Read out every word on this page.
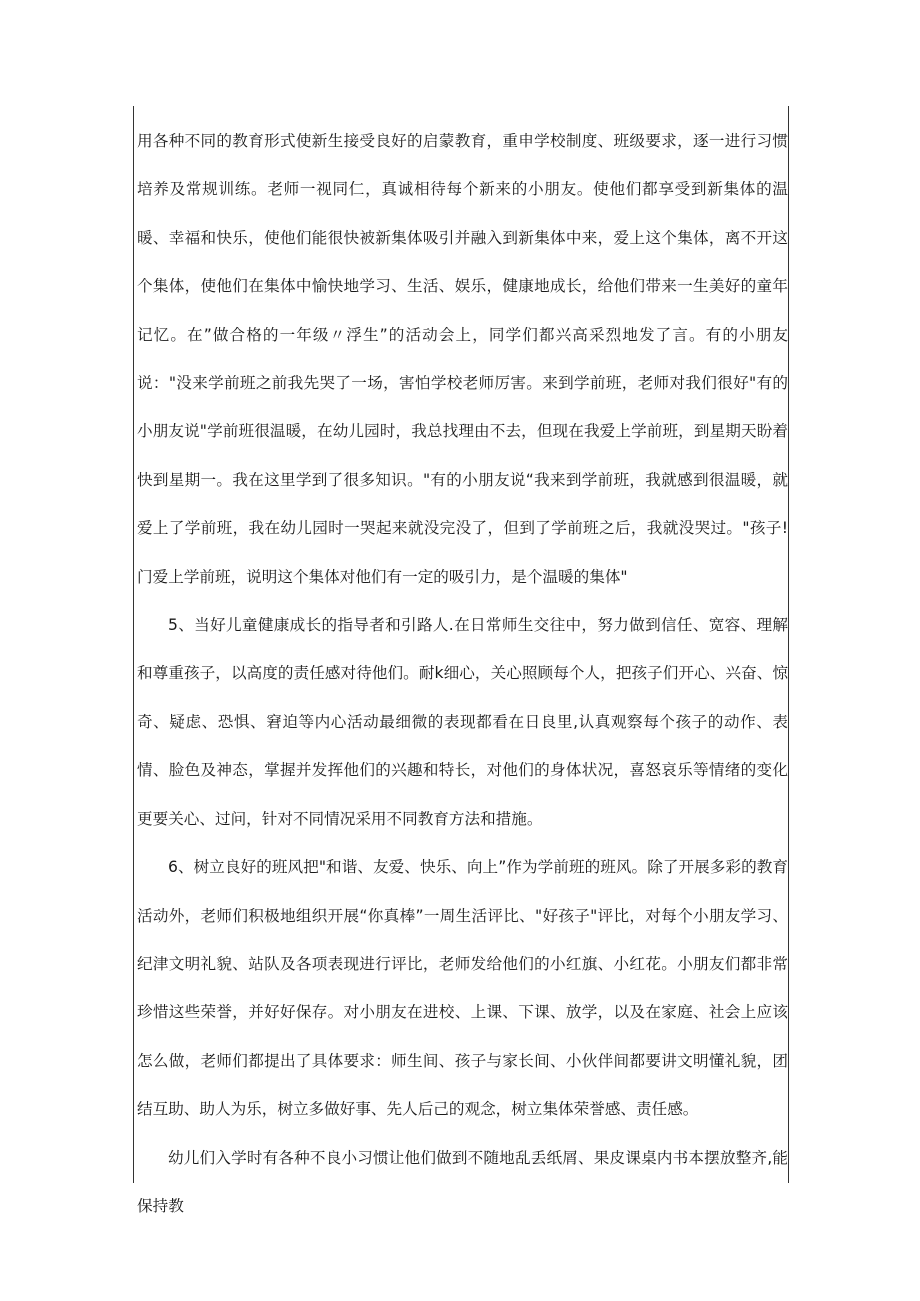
用各种不同的教育形式使新生接受良好的启蒙教育，重申学校制度、班级要求，逐一进行习惯培养及常规训练。老师一视同仁，真诚相待每个新来的小朋友。使他们都享受到新集体的温暖、幸福和快乐，使他们能很快被新集体吸引并融入到新集体中来，爱上这个集体，离不开这个集体，使他们在集体中愉快地学习、生活、娱乐，健康地成长，给他们带来一生美好的童年记忆。在”做合格的一年级〃浮生”的活动会上，同学们都兴高采烈地发了言。有的小朋友说："没来学前班之前我先哭了一场，害怕学校老师厉害。来到学前班，老师对我们很好"有的小朋友说"学前班很温暖，在幼儿园时，我总找理由不去，但现在我爱上学前班，到星期天盼着快到星期一。我在这里学到了很多知识。"有的小朋友说“我来到学前班，我就感到很温暖，就爱上了学前班，我在幼儿园时一哭起来就没完没了，但到了学前班之后，我就没哭过。"孩子!门爱上学前班，说明这个集体对他们有一定的吸引力，是个温暖的集体"

5、当好儿童健康成长的指导者和引路人.在日常师生交往中，努力做到信任、宽容、理解和尊重孩子，以高度的责任感对待他们。耐k细心，关心照顾每个人，把孩子们开心、兴奋、惊奇、疑虑、恐惧、窘迫等内心活动最细微的表现都看在日良里,认真观察每个孩子的动作、表情、脸色及神态，掌握并发挥他们的兴趣和特长，对他们的身体状况，喜怒哀乐等情绪的变化更要关心、过问，针对不同情况采用不同教育方法和措施。

6、树立良好的班风把"和谐、友爱、快乐、向上”作为学前班的班风。除了开展多彩的教育活动外，老师们积极地组织开展“你真棒”一周生活评比、"好孩子"评比，对每个小朋友学习、纪津文明礼貌、站队及各项表现进行评比，老师发给他们的小红旗、小红花。小朋友们都非常珍惜这些荣誉，并好好保存。对小朋友在进校、上课、下课、放学，以及在家庭、社会上应该怎么做，老师们都提出了具体要求：师生间、孩子与家长间、小伙伴间都要讲文明懂礼貌，团结互助、助人为乐，树立多做好事、先人后己的观念，树立集体荣誉感、责任感。

幼儿们入学时有各种不良小习惯让他们做到不随地乱丢纸屑、果皮课桌内书本摆放整齐,能保持教
